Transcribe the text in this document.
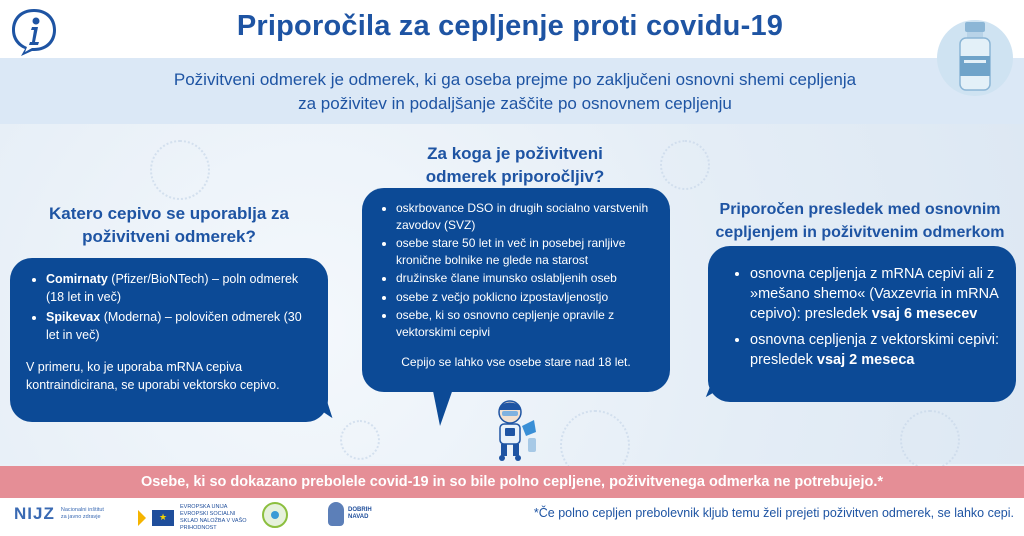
Priporočila za cepljenje proti covidu-19
Poživitveni odmerek je odmerek, ki ga oseba prejme po zaključeni osnovni shemi cepljenja
za poživitev in podaljšanje zaščite po osnovnem cepljenju
Za koga je poživitveni
odmerek priporočljiv?
Katero cepivo se uporablja za
poživitveni odmerek?
Priporočen presledek med osnovnim
cepljenjem in poživitvenim odmerkom
• Comirnaty (Pfizer/BioNTech) – poln odmerek (18 let in več)
• Spikevax (Moderna) – polovičen odmerek (30 let in več)
V primeru, ko je uporaba mRNA cepiva kontraindicirana, se uporabi vektorsko cepivo.
• oskrbovance DSO in drugih socialno varstvenih zavodov (SVZ)
• osebe stare 50 let in več in posebej ranljive kronične bolnike ne glede na starost
• družinske člane imunsko oslabljenih oseb
• osebe z večjo poklicno izpostavljenostjo
• osebe, ki so osnovno cepljenje opravile z vektorskimi cepivi
Cepijo se lahko vse osebe stare nad 18 let.
• osnovna cepljenja z mRNA cepivi ali z »mešano shemo« (Vaxzevria in mRNA cepivo): presledek vsaj 6 mesecev
• osnovna cepljenja z vektorskimi cepivi: presledek vsaj 2 meseca
Osebe, ki so dokazano prebolele covid-19 in so bile polno cepljene, poživitvenega odmerka ne potrebujejo.*
NIJZ Nacionalni inštitut za javno zdravje
★
EVROPSKA UNIJA EVROPSKI SOCIALNI SKLAD NALOŽBA V VAŠO PRIHODNOST
DOBRIH NAVAD	*Če polno cepljen prebolevnik kljub temu želi prejeti poživitven odmerek, se lahko cepi.
